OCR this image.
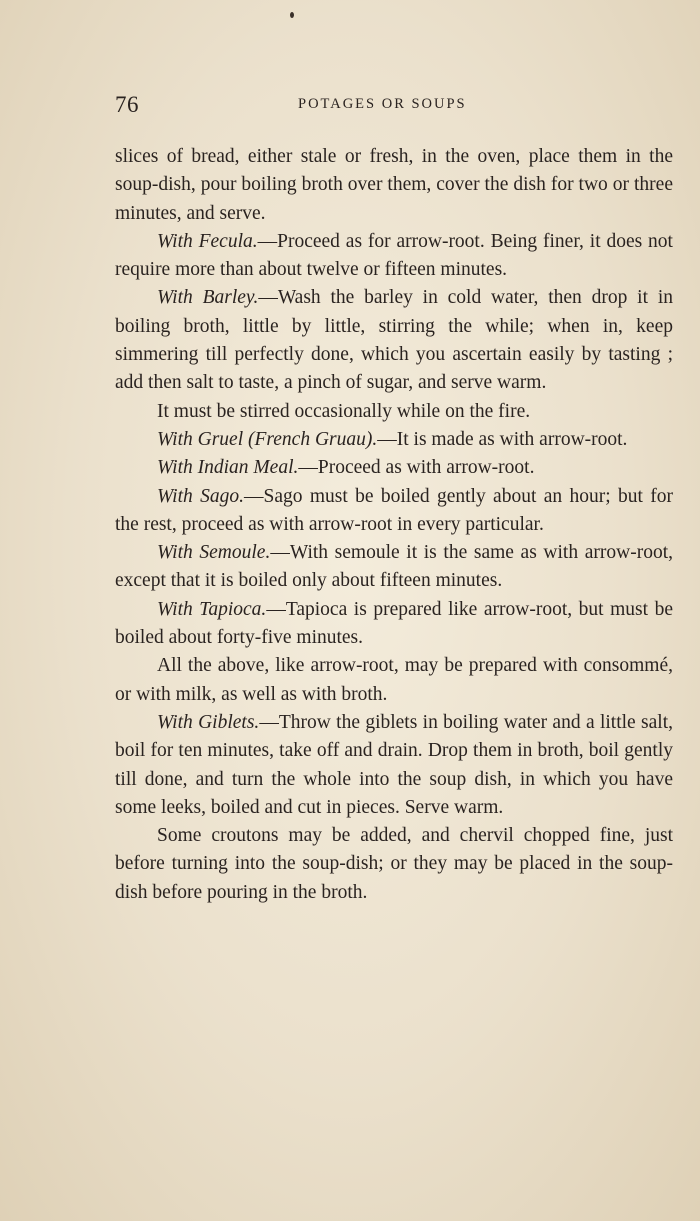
76	POTAGES OR SOUPS

slices of bread, either stale or fresh, in the oven, place them in the soup-dish, pour boiling broth over them, cover the dish for two or three minutes, and serve.

With Fecula.—Proceed as for arrow-root. Being finer, it does not require more than about twelve or fifteen minutes.

With Barley.—Wash the barley in cold water, then drop it in boiling broth, little by little, stirring the while; when in, keep simmering till perfectly done, which you ascertain easily by tasting ; add then salt to taste, a pinch of sugar, and serve warm.

It must be stirred occasionally while on the fire.

With Gruel (French Gruau).—It is made as with arrow-root.

With Indian Meal.—Proceed as with arrow-root.

With Sago.—Sago must be boiled gently about an hour; but for the rest, proceed as with arrow-root in every particular.

With Semoule.—With semoule it is the same as with arrow-root, except that it is boiled only about fifteen minutes.

With Tapioca.—Tapioca is prepared like arrow-root, but must be boiled about forty-five minutes.

All the above, like arrow-root, may be prepared with consommé, or with milk, as well as with broth.

With Giblets.—Throw the giblets in boiling water and a little salt, boil for ten minutes, take off and drain. Drop them in broth, boil gently till done, and turn the whole into the soup dish, in which you have some leeks, boiled and cut in pieces. Serve warm.

Some croutons may be added, and chervil chopped fine, just before turning into the soup-dish; or they may be placed in the soup-dish before pouring in the broth.
